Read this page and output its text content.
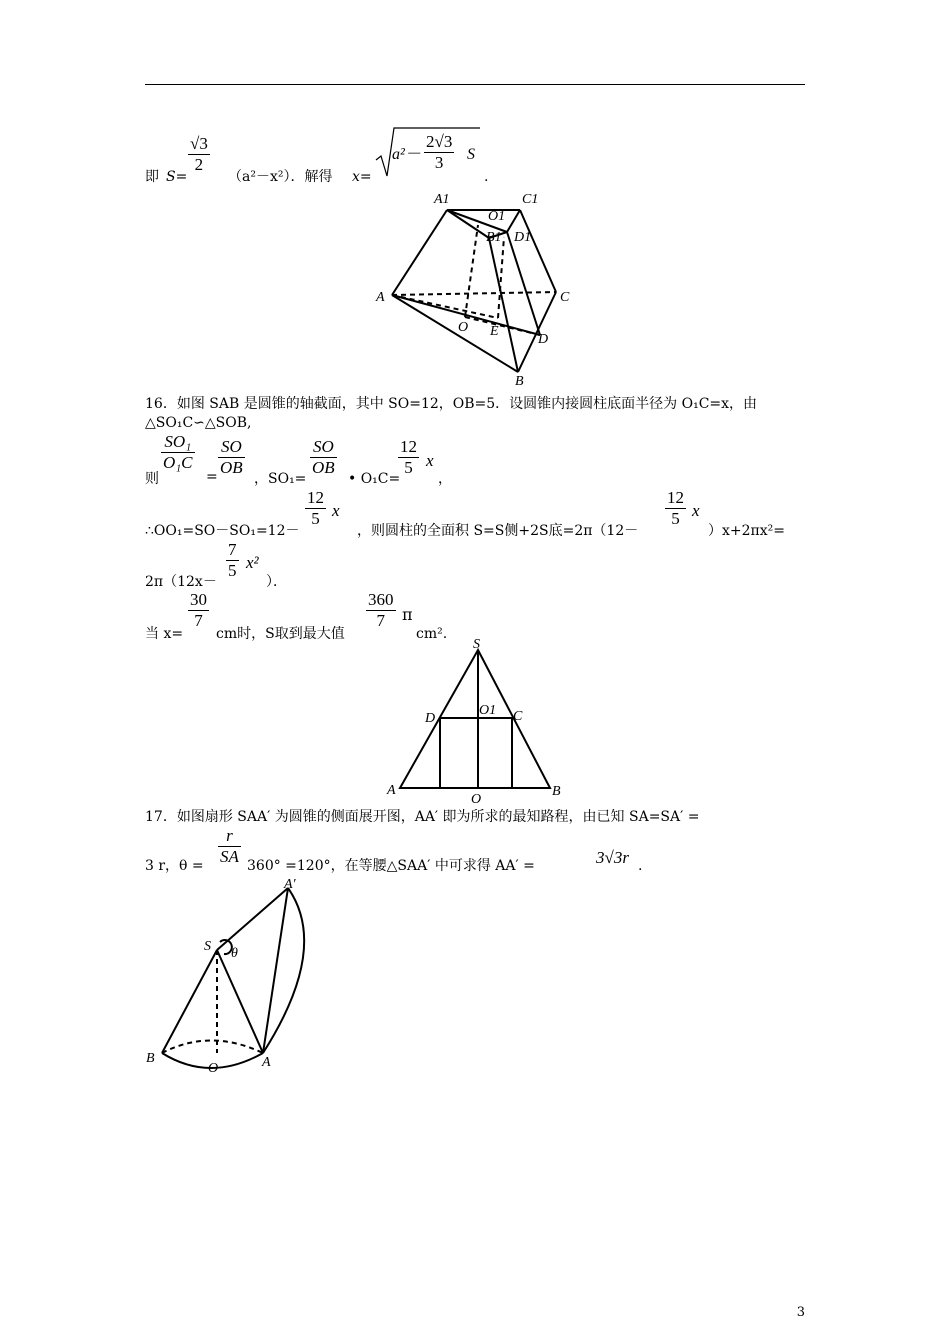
即 S=
$\frac{√3}{2}$
（a²－x²）．解得 x=
$a^2- \frac{2√3}{3}$ S
.
A1	C1
O1
B1 D1
A	C
O E
D
B
16．如图 SAB 是圆锥的轴截面，其中 SO=12，OB=5．设圆锥内接圆柱底面半径为 O₁C=x，由
△SO₁C∽△SOB,
则
$\frac{\text{SO₁}}{\text{O₁C}}$
= $\frac{SO}{OB}$
，SO₁=
$\frac{SO}{OB}$
• O₁C=
$\frac{12}{5}$ x
，
∴OO₁=SO－SO₁=12－
$\frac{12}{5}$ x
，则圆柱的全面积 S=S侧+2S底=2π（12－
$\frac{12}{5}$ x
）x+2πx²=
2π（12x－
$\frac{7}{5} x^2$
）．
当 x=
$\frac{30}{7}$
cm时，S取到最大值
$\frac{360}{7}$ π
cm².
S
D
O1 C
A
O
B
17．如图扇形 SAA′ 为圆锥的侧面展开图，AA′ 即为所求的最知路程，由已知 SA=SA′ =
3 r，$\theta = \frac{r}{SA} 360^\circ =120^\circ$，在等腰△SAA′ 中可求得 AA′ =	3√3r .
A′
S θ
B
O	A
3
